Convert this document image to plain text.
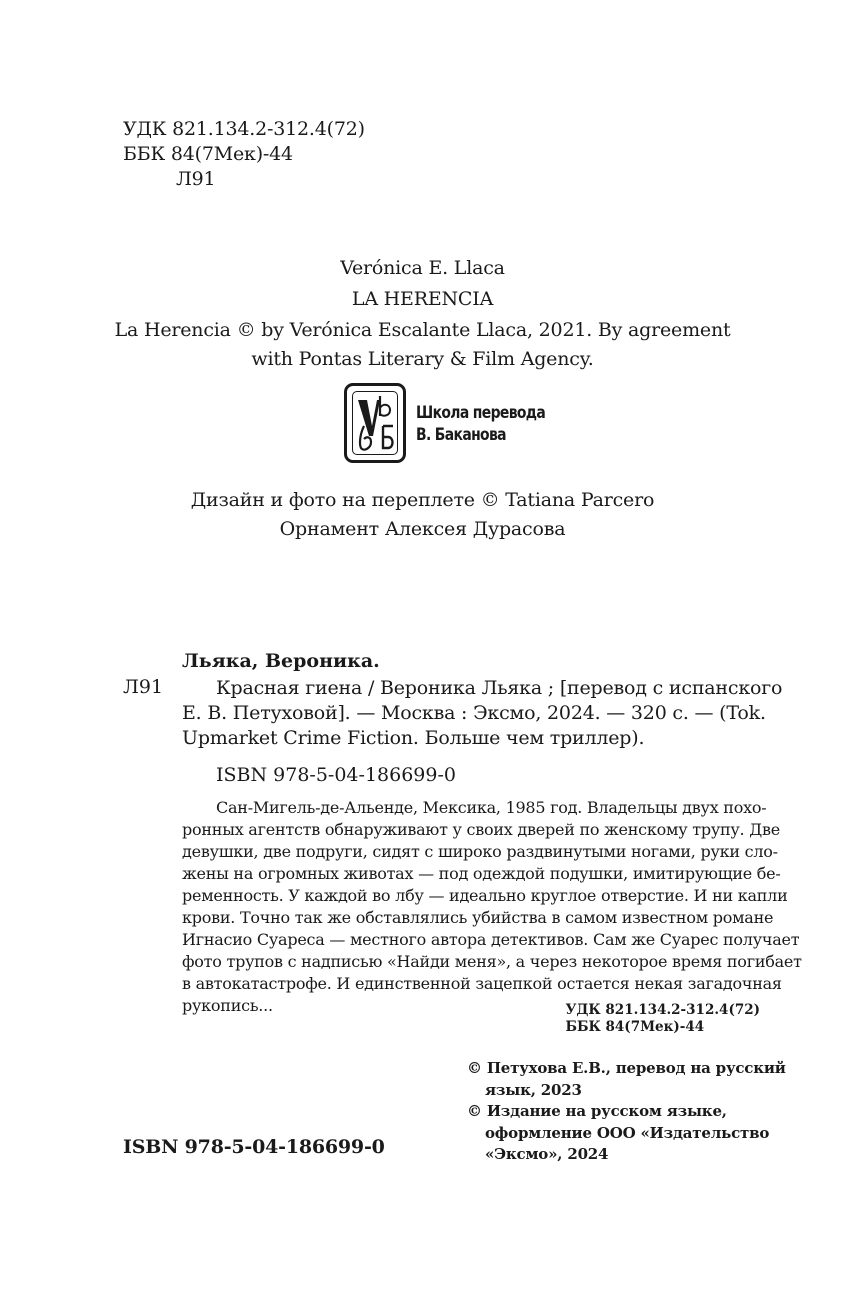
УДК 821.134.2-312.4(72)
ББК 84(7Мек)-44
Л91
Verónica E. Llaca
LA HERENCIA
La Herencia © by Verónica Escalante Llaca, 2021. By agreement
with Pontas Literary & Film Agency.
Школа перевода
В. Баканова
Дизайн и фото на переплете © Tatiana Parcero
Орнамент Алексея Дурасова
Льяка, Вероника.
Л91	Красная гиена / Вероника Льяка ; [перевод с испанского
Е. В. Петуховой]. — Москва : Эксмо, 2024. — 320 с. — (Tok.
Upmarket Crime Fiction. Больше чем триллер).
ISBN 978-5-04-186699-0
Сан-Мигель-де-Альенде, Мексика, 1985 год. Владельцы двух похо-
ронных агентств обнаруживают у своих дверей по женскому трупу. Две
девушки, две подруги, сидят с широко раздвинутыми ногами, руки сло-
жены на огромных животах — под одеждой подушки, имитирующие бе-
ременность. У каждой во лбу — идеально круглое отверстие. И ни капли
крови. Точно так же обставлялись убийства в самом известном романе
Игнасио Суареса — местного автора детективов. Сам же Суарес получает
фото трупов с надписью «Найди меня», а через некоторое время погибает
в автокатастрофе. И единственной зацепкой остается некая загадочная
рукопись...	УДК 821.134.2-312.4(72)
ББК 84(7Мек)-44
© Петухова Е.В., перевод на русский
язык, 2023
© Издание на русском языке,
оформление ООО «Издательство
«Эксмо», 2024
ISBN 978-5-04-186699-0
